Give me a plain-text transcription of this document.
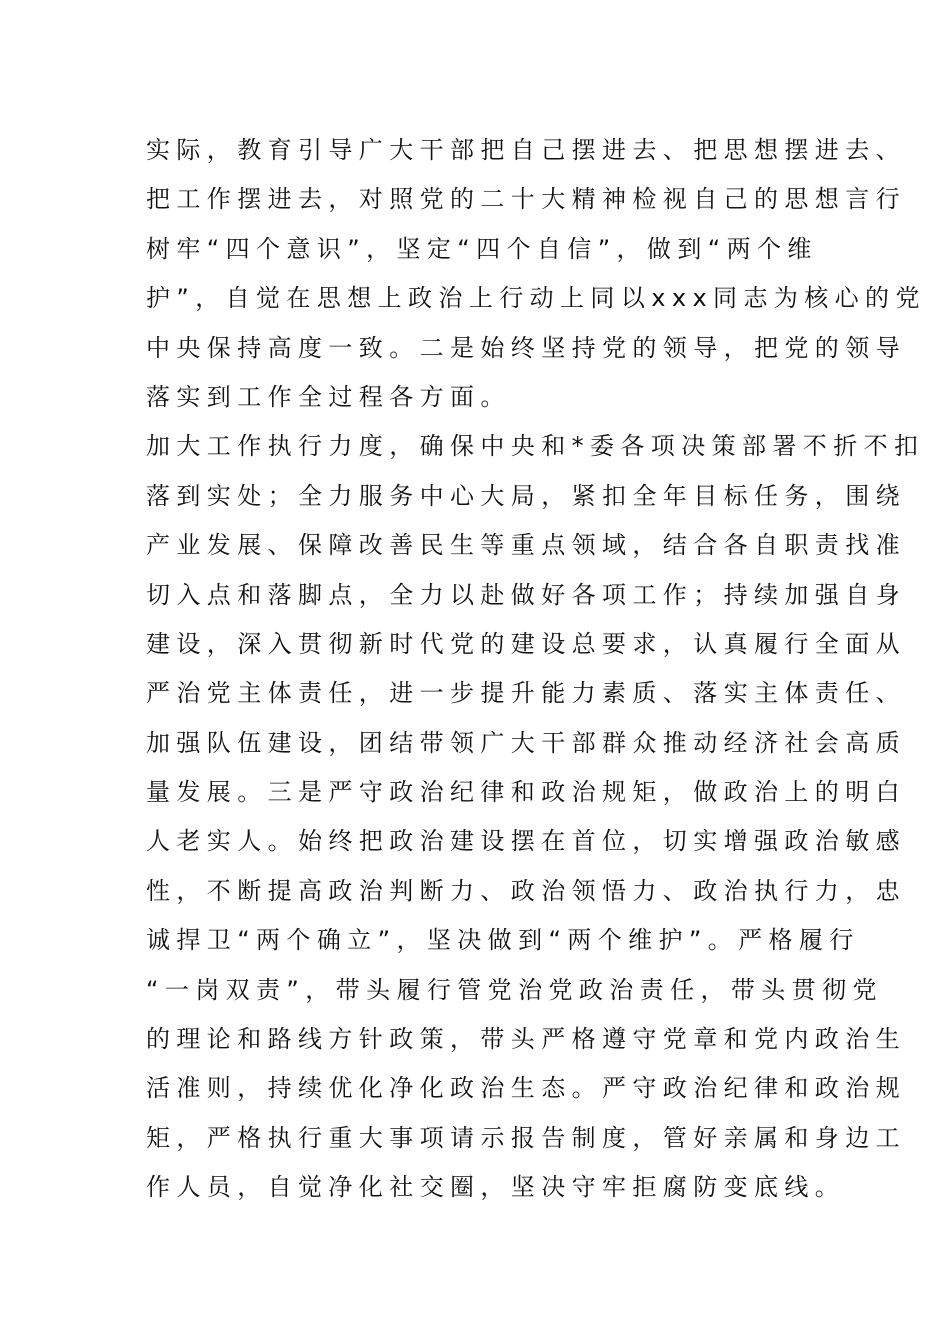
实际，教育引导广大干部把自己摆进去、把思想摆进去、
把工作摆进去，对照党的二十大精神检视自己的思想言行
树牢“四个意识”，坚定“四个自信”，做到“两个维
护”，自觉在思想上政治上行动上同以xxx同志为核心的党
中央保持高度一致。二是始终坚持党的领导，把党的领导
落实到工作全过程各方面。
加大工作执行力度，确保中央和*委各项决策部署不折不扣
落到实处；全力服务中心大局，紧扣全年目标任务，围绕
产业发展、保障改善民生等重点领域，结合各自职责找准
切入点和落脚点，全力以赴做好各项工作；持续加强自身
建设，深入贯彻新时代党的建设总要求，认真履行全面从
严治党主体责任，进一步提升能力素质、落实主体责任、
加强队伍建设，团结带领广大干部群众推动经济社会高质
量发展。三是严守政治纪律和政治规矩，做政治上的明白
人老实人。始终把政治建设摆在首位，切实增强政治敏感
性，不断提高政治判断力、政治领悟力、政治执行力，忠
诚捍卫“两个确立”，坚决做到“两个维护”。严格履行
“一岗双责”，带头履行管党治党政治责任，带头贯彻党
的理论和路线方针政策，带头严格遵守党章和党内政治生
活准则，持续优化净化政治生态。严守政治纪律和政治规
矩，严格执行重大事项请示报告制度，管好亲属和身边工
作人员，自觉净化社交圈，坚决守牢拒腐防变底线。
